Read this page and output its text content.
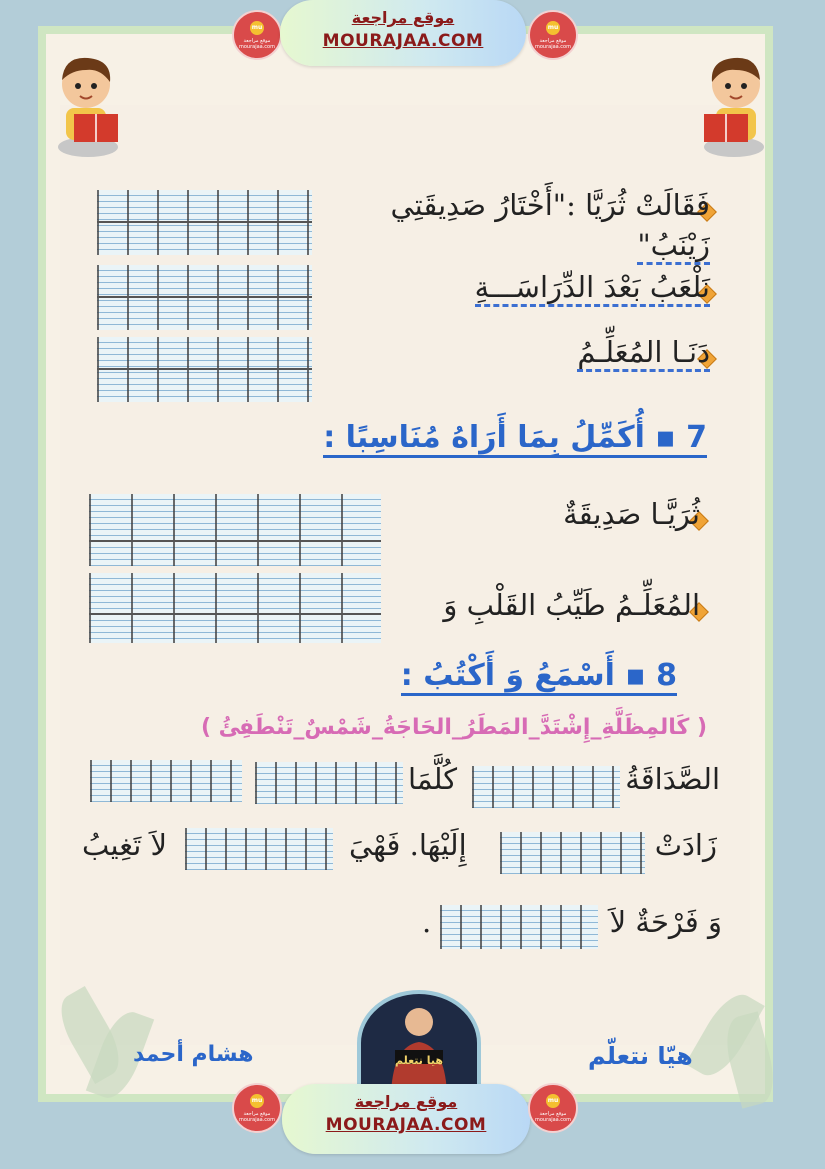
mu
موقع مراجعة mourajaa.com
موقع مراجعة
MOURAJAA.COM
mu
موقع مراجعة mourajaa.com
فَقَالَتْ ثُرَيَّا :"أَخْتَارُ صَدِيقَتِي
زَيْنَبُ"
نَلْعَبُ بَعْدَ الدِّرَاسَـــةِ
دَنَـا المُعَلِّـمُ
7 ▪ أُكَمِّلُ بِمَا أَرَاهُ مُنَاسِبًا :
ثُرَيَّـا صَدِيقَةٌ
المُعَلِّـمُ طَيِّبُ القَلْبِ وَ
8 ▪ أَسْمَعُ وَ أَكْتُبُ :
( كَالمِظَلَّةِ_إِشْتَدَّ_المَطَرُ_الحَاجَةُ_شَمْسٌ_تَنْطَفِئُ )
الصَّدَاقَةُ
كُلَّمَا
زَادَتْ
إِلَيْهَا. فَهْيَ
لاَ تَغِيبُ
وَ فَرْحَةٌ لاَ
.
هشام أحمد	هيّا نتعلّم
هيا نتعلم
mu
موقع مراجعة mourajaa.com
موقع مراجعة
MOURAJAA.COM
mu
موقع مراجعة mourajaa.com
